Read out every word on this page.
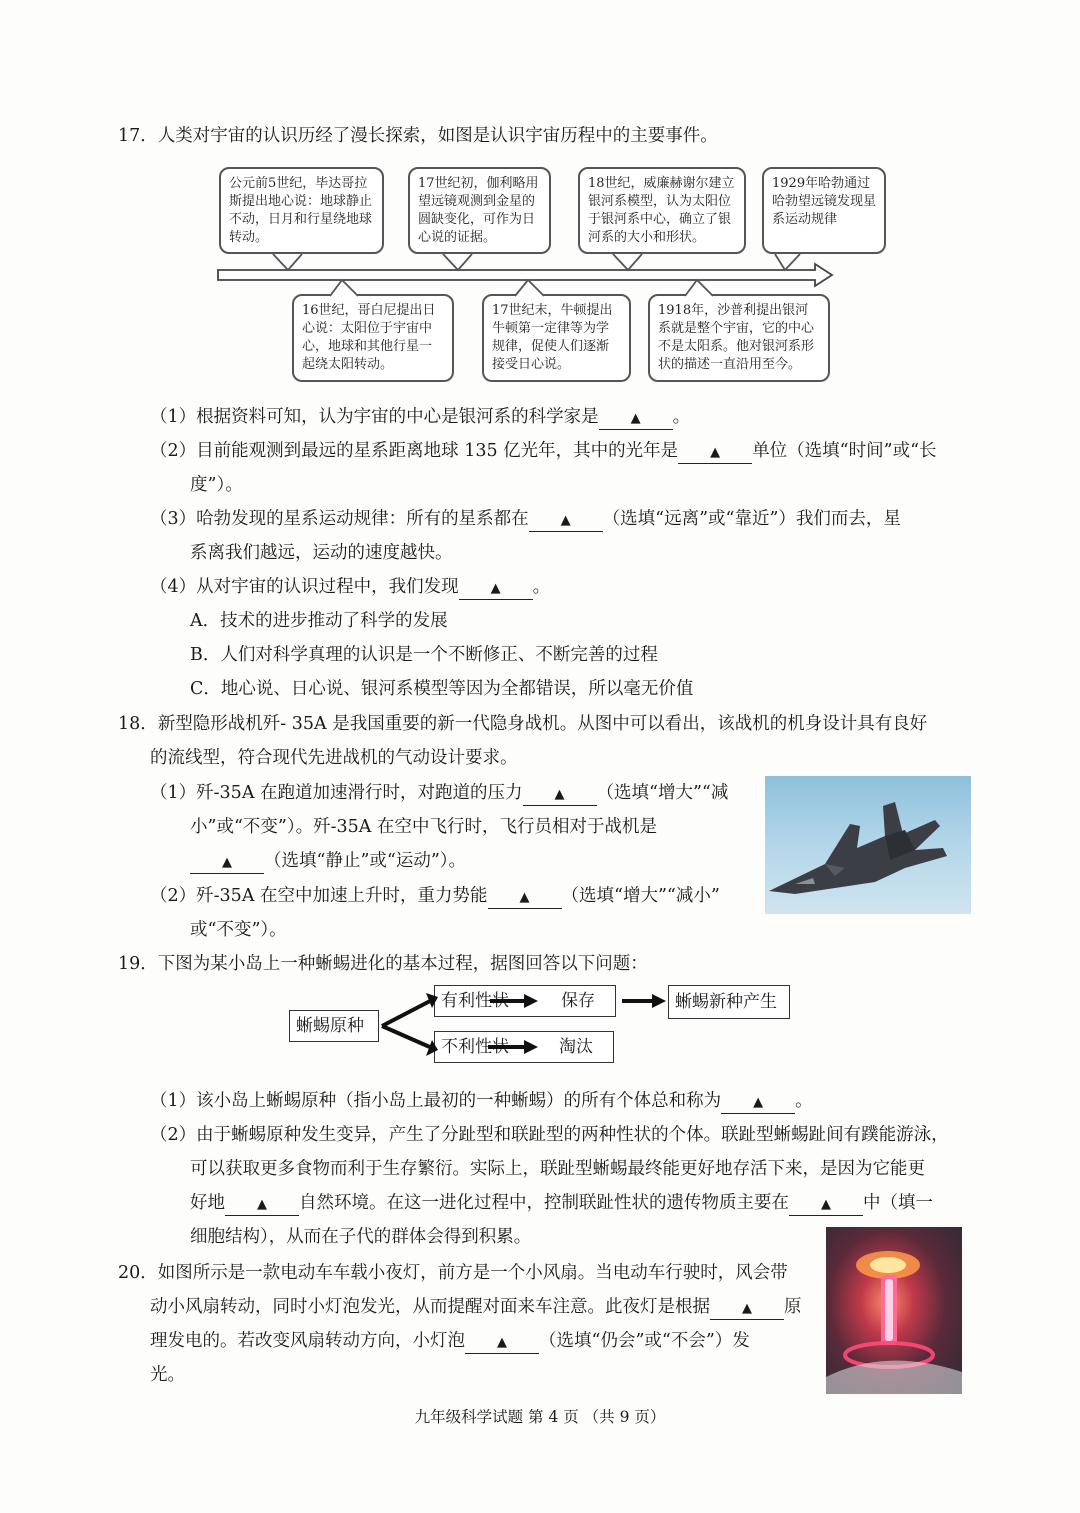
17．人类对宇宙的认识历经了漫长探索，如图是认识宇宙历程中的主要事件。
公元前5世纪，毕达哥拉斯提出地心说：地球静止不动，日月和行星绕地球转动。
17世纪初，伽利略用望远镜观测到金星的圆缺变化，可作为日心说的证据。
18世纪，威廉赫谢尔建立银河系模型，认为太阳位于银河系中心，确立了银河系的大小和形状。
1929年哈勃通过哈勃望远镜发现星系运动规律
16世纪，哥白尼提出日心说：太阳位于宇宙中心，地球和其他行星一起绕太阳转动。
17世纪末，牛顿提出牛顿第一定律等为学规律，促使人们逐渐接受日心说。
1918年，沙普利提出银河系就是整个宇宙，它的中心不是太阳系。他对银河系形状的描述一直沿用至今。
（1）根据资料可知，认为宇宙的中心是银河系的科学家是 ▲ 。
（2）目前能观测到最远的星系距离地球 135 亿光年，其中的光年是 ▲ 单位（选填“时间”或“长
度”）。
（3）哈勃发现的星系运动规律：所有的星系都在 ▲ （选填“远离”或“靠近”）我们而去，星
系离我们越远，运动的速度越快。
（4）从对宇宙的认识过程中，我们发现 ▲ 。
A．技术的进步推动了科学的发展
B．人们对科学真理的认识是一个不断修正、不断完善的过程
C．地心说、日心说、银河系模型等因为全都错误，所以毫无价值
18．新型隐形战机歼- 35A 是我国重要的新一代隐身战机。从图中可以看出，该战机的机身设计具有良好
的流线型，符合现代先进战机的气动设计要求。
（1）歼-35A 在跑道加速滑行时，对跑道的压力 ▲ （选填“增大”“减
小”或“不变”）。歼-35A 在空中飞行时，飞行员相对于战机是
▲ （选填“静止”或“运动”）。
（2）歼-35A 在空中加速上升时，重力势能 ▲ （选填“增大”“减小”
或“不变”）。
19．下图为某小岛上一种蜥蜴进化的基本过程，据图回答以下问题：
蜥蜴原种
有利性状	保存
不利性状	淘汰
蜥蜴新种产生
（1）该小岛上蜥蜴原种（指小岛上最初的一种蜥蜴）的所有个体总和称为 ▲ 。
（2）由于蜥蜴原种发生变异，产生了分趾型和联趾型的两种性状的个体。联趾型蜥蜴趾间有蹼能游泳，
可以获取更多食物而利于生存繁衍。实际上，联趾型蜥蜴最终能更好地存活下来，是因为它能更
好地 ▲ 自然环境。在这一进化过程中，控制联趾性状的遗传物质主要在 ▲ 中（填一
细胞结构），从而在子代的群体会得到积累。
20．如图所示是一款电动车车载小夜灯，前方是一个小风扇。当电动车行驶时，风会带
动小风扇转动，同时小灯泡发光，从而提醒对面来车注意。此夜灯是根据 ▲ 原
理发电的。若改变风扇转动方向，小灯泡 ▲ （选填“仍会”或“不会”）发
光。
九年级科学试题 第 4 页 （共 9 页）
